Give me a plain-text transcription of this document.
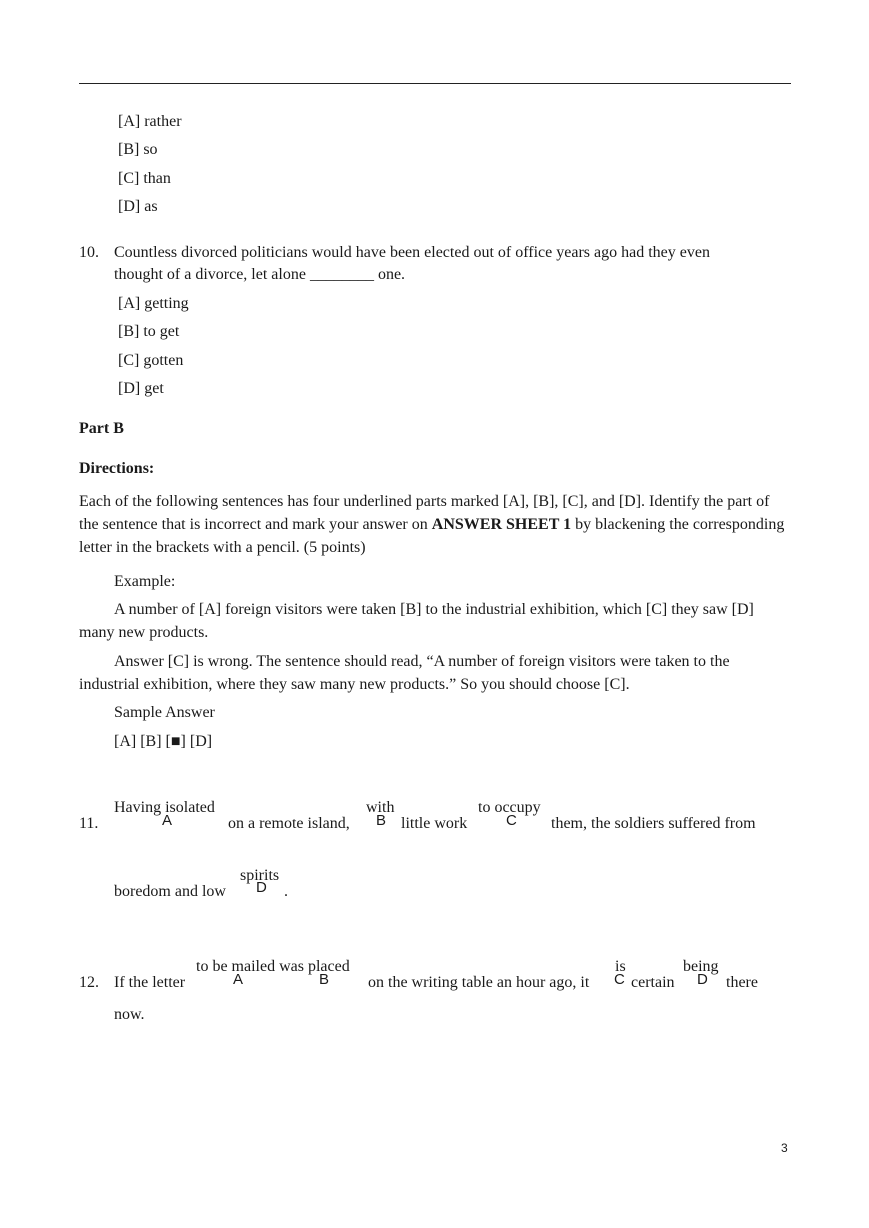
[A] rather
[B] so
[C] than
[D] as
10. Countless divorced politicians would have been elected out of office years ago had they even
thought of a divorce, let alone ________ one.
[A] getting
[B] to get
[C] gotten
[D] get
Part B
Directions:
Each of the following sentences has four underlined parts marked [A], [B], [C], and [D]. Identify the part of the sentence that is incorrect and mark your answer on ANSWER SHEET 1 by blackening the corresponding letter in the brackets with a pencil. (5 points)
Example:
A number of [A] foreign visitors were taken [B] to the industrial exhibition, which [C] they saw [D] many new products.
Answer [C] is wrong. The sentence should read, “A number of foreign visitors were taken to the industrial exhibition, where they saw many new products.” So you should choose [C].
Sample Answer
[A] [B] [■] [D]
11.
Having isolated
A	on a remote island,
with
B little work
to occupy
C them, the soldiers suffered from
boredom and low
spirits
D .
12. If the letter
to be mailed was placed
A	B on the writing table an hour ago, it
is
C certain
being
D there
now.
3
